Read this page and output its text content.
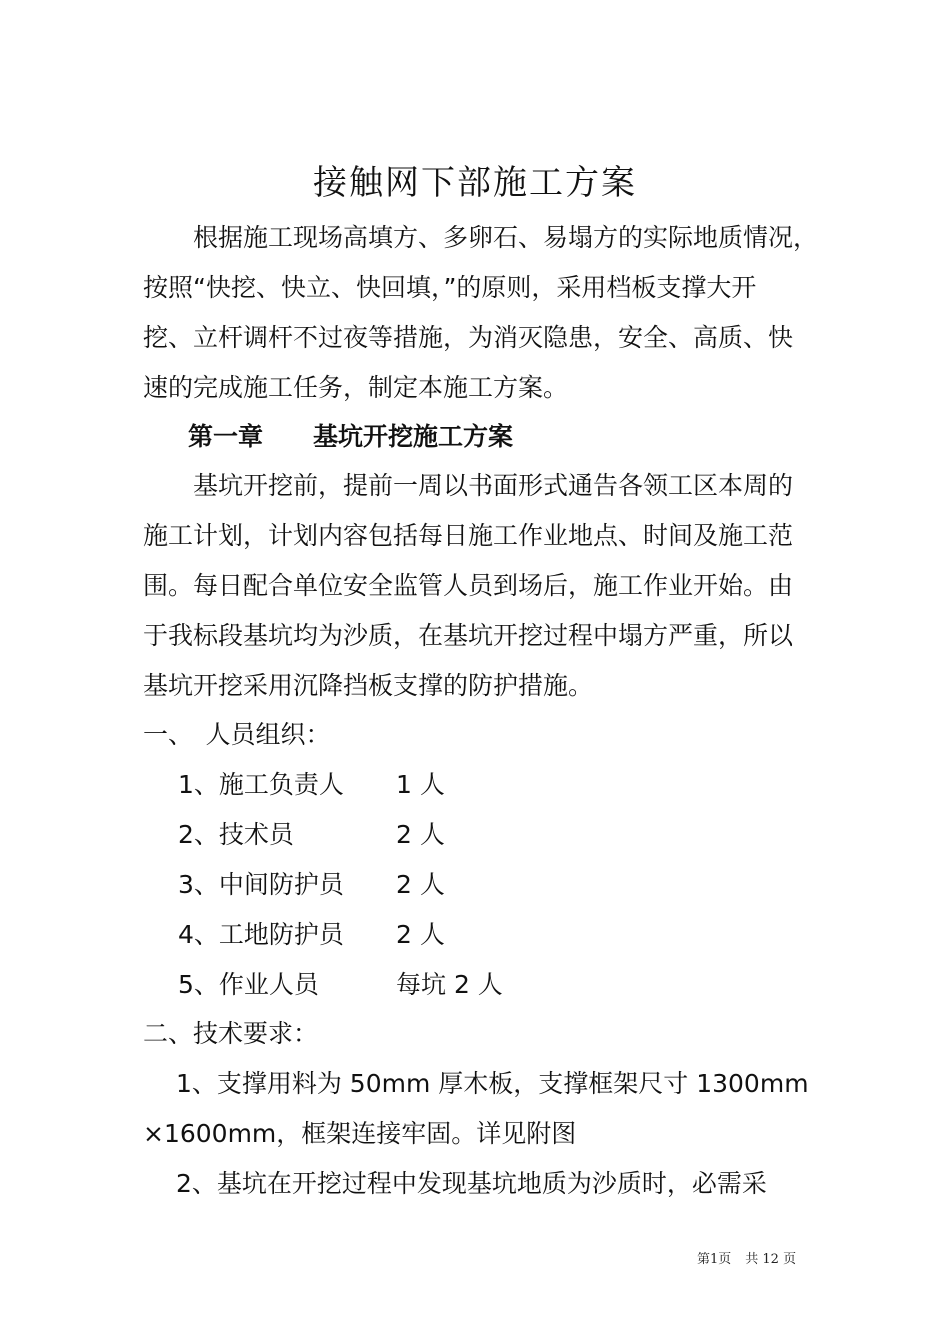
接触网下部施工方案
　　根据施工现场高填方、多卵石、易塌方的实际地质情况，
按照“快挖、快立、快回填，”的原则，采用档板支撑大开
挖、立杆调杆不过夜等措施，为消灭隐患，安全、高质、快
速的完成施工任务，制定本施工方案。
第一章 基坑开挖施工方案
　　基坑开挖前，提前一周以书面形式通告各领工区本周的
施工计划，计划内容包括每日施工作业地点、时间及施工范
围。每日配合单位安全监管人员到场后，施工作业开始。由
于我标段基坑均为沙质，在基坑开挖过程中塌方严重，所以
基坑开挖采用沉降挡板支撑的防护措施。
一、　人员组织：
1、施工负责人 1 人
2、技术员	2 人
3、中间防护员 2 人
4、工地防护员 2 人
5、作业人员	每坑 2 人
二、技术要求：
　 1、支撑用料为 50mm 厚木板，支撑框架尺寸 1300mm
×1600mm，框架连接牢固。详见附图
　 2、基坑在开挖过程中发现基坑地质为沙质时，必需采
第1页 共 12 页
